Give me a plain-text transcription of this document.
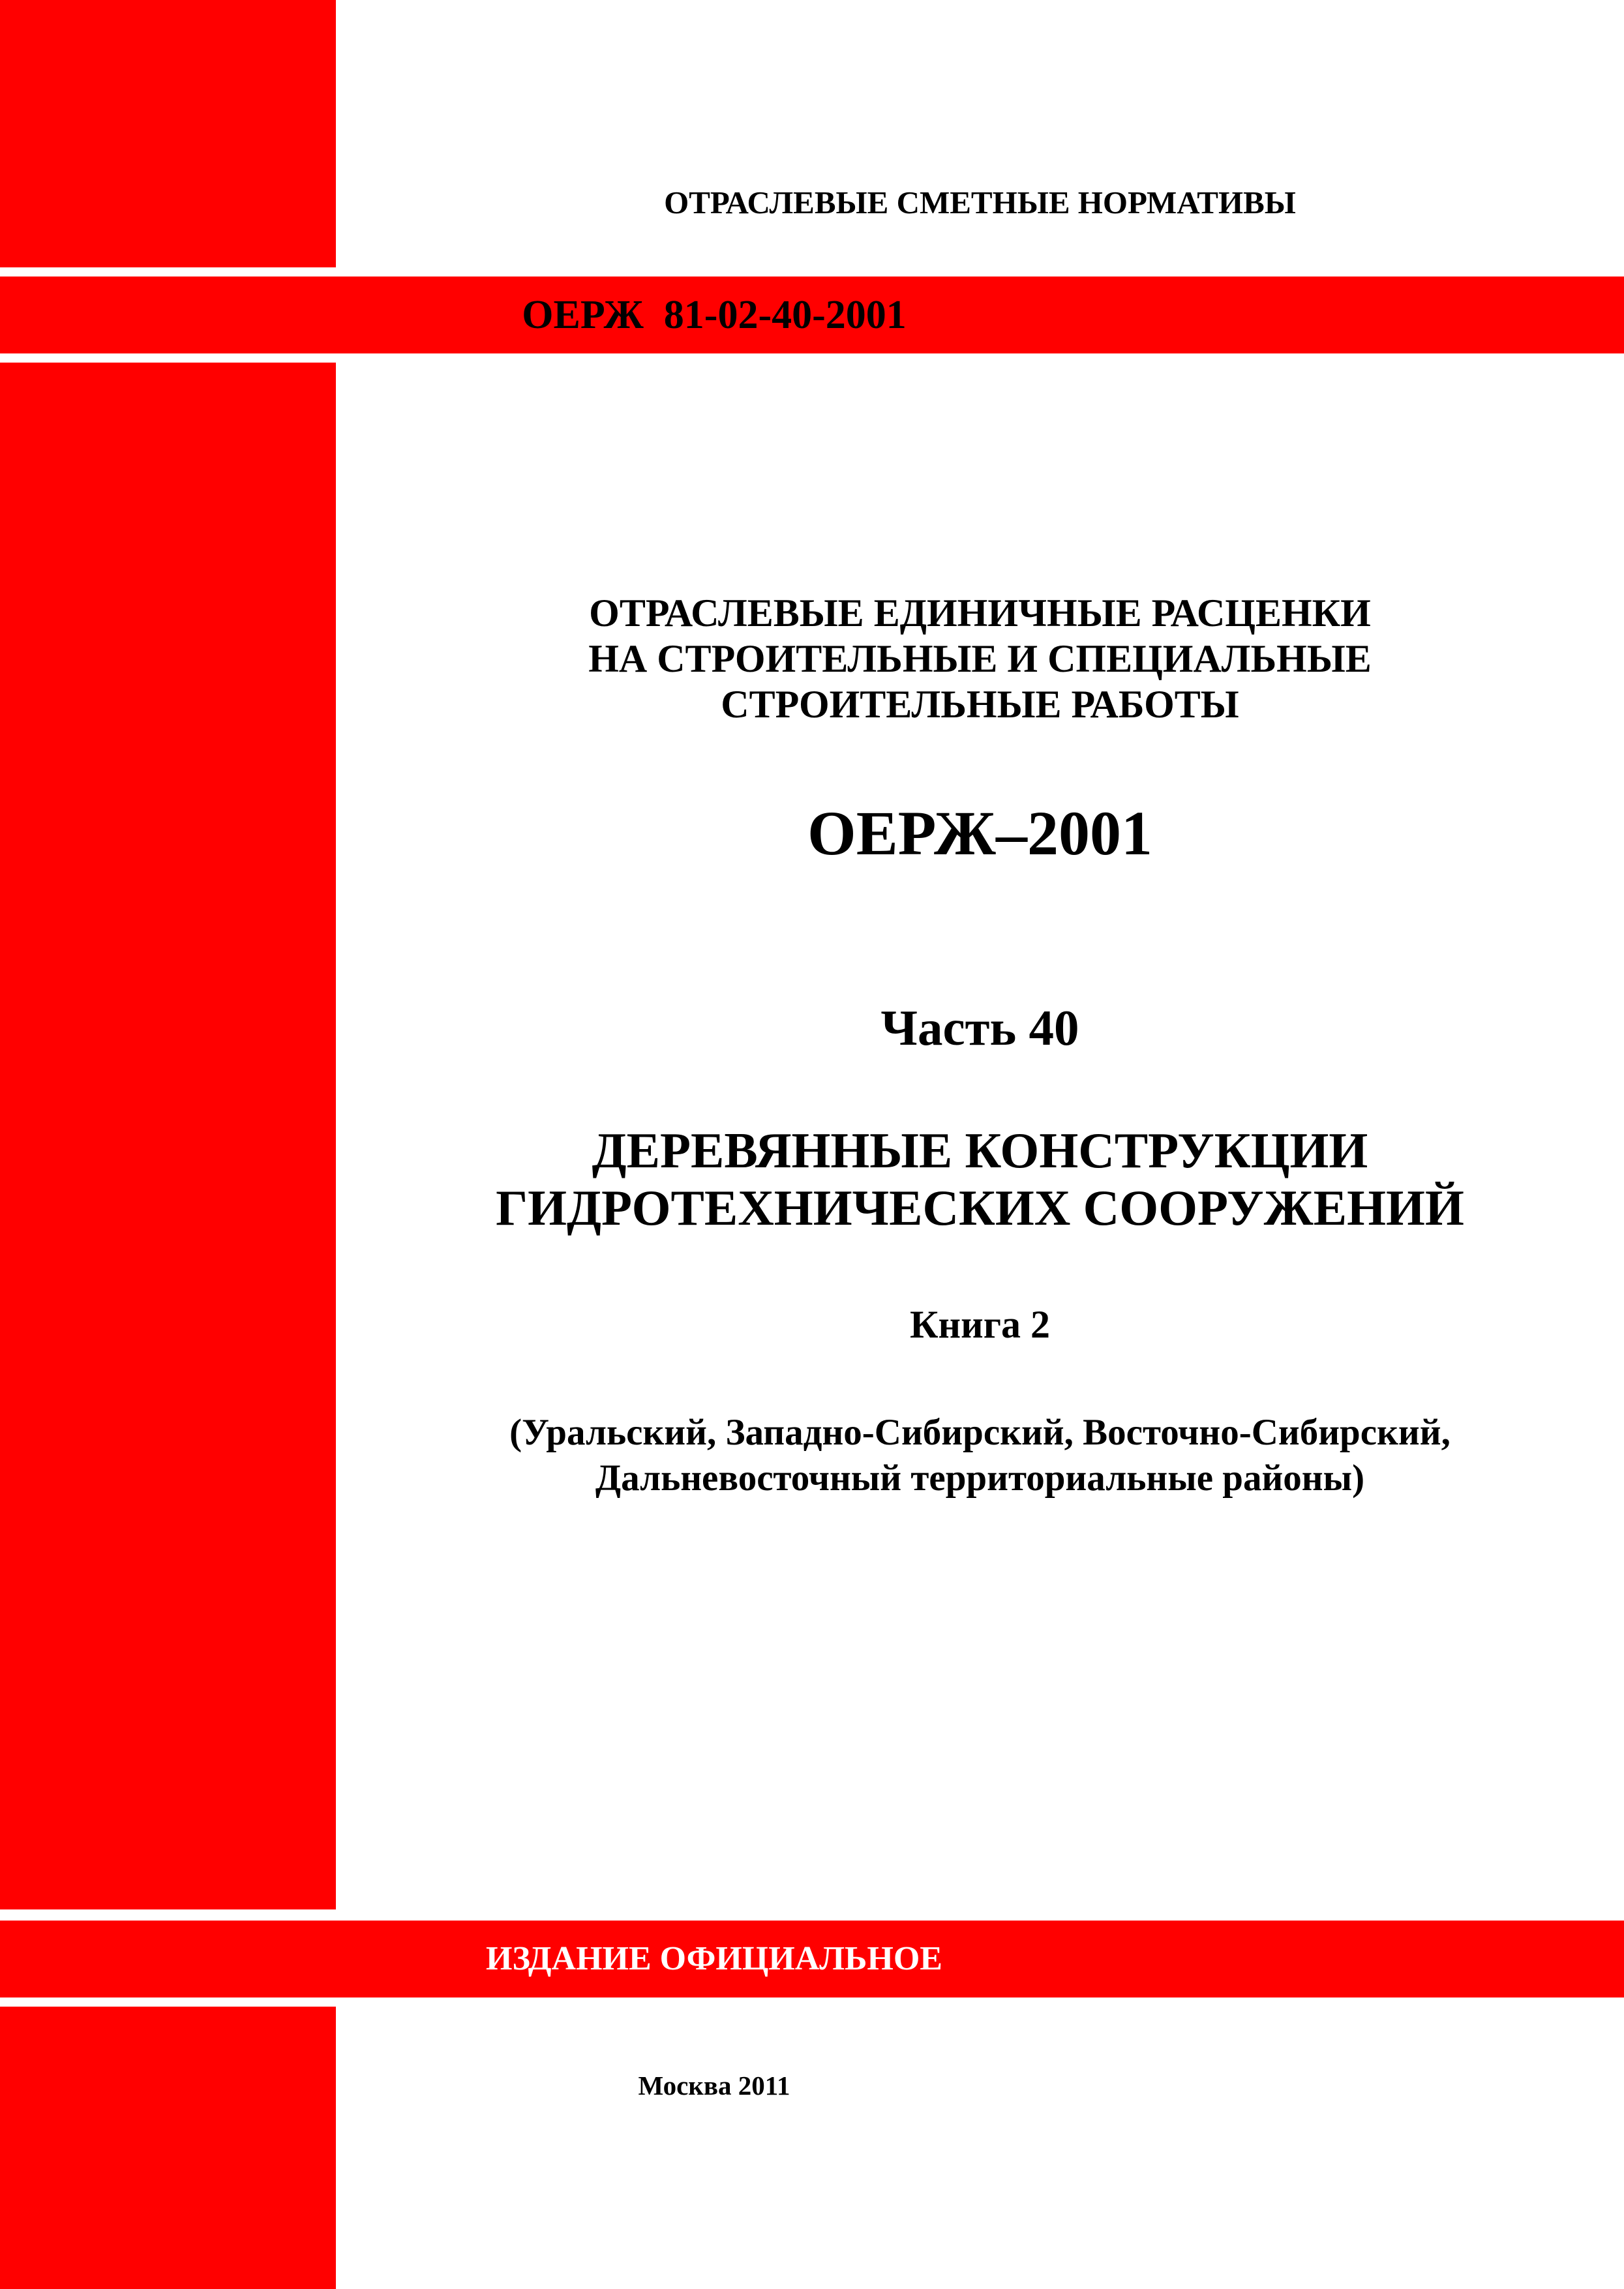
ОТРАСЛЕВЫЕ СМЕТНЫЕ НОРМАТИВЫ
ОЕРЖ  81-02-40-2001
ОТРАСЛЕВЫЕ ЕДИНИЧНЫЕ РАСЦЕНКИ
НА СТРОИТЕЛЬНЫЕ И СПЕЦИАЛЬНЫЕ
СТРОИТЕЛЬНЫЕ РАБОТЫ
ОЕРЖ–2001
Часть 40
ДЕРЕВЯННЫЕ КОНСТРУКЦИИ
ГИДРОТЕХНИЧЕСКИХ СООРУЖЕНИЙ
Книга 2
(Уральский, Западно-Сибирский, Восточно-Сибирский,
Дальневосточный территориальные районы)
ИЗДАНИЕ ОФИЦИАЛЬНОЕ
Москва 2011
